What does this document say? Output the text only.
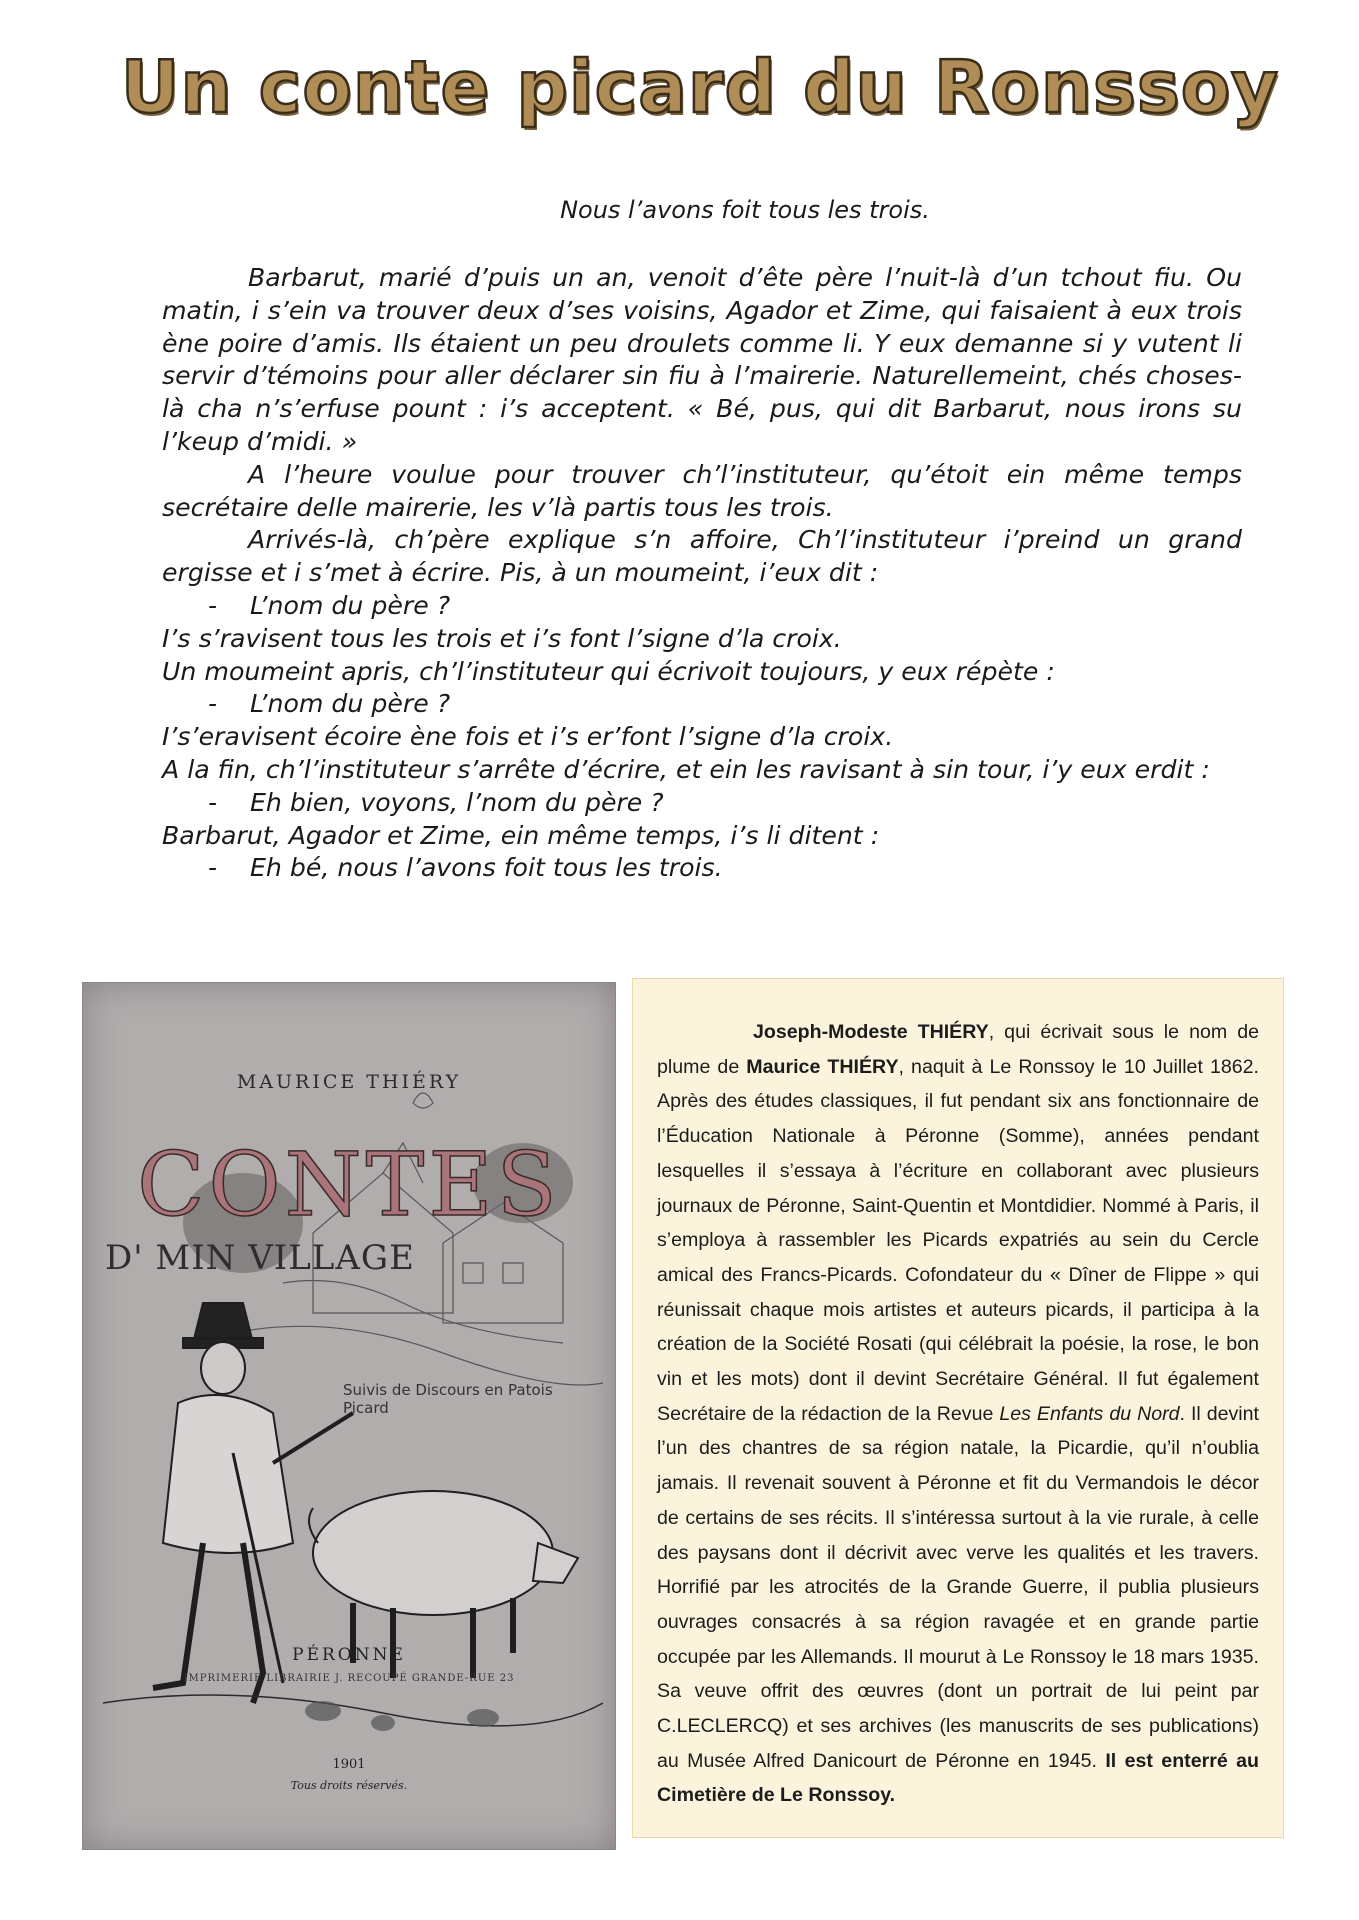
Un conte picard du Ronssoy
Nous l’avons foit tous les trois.

Barbarut, marié d’puis un an, venoit d’ête père l’nuit-là d’un tchout fiu. Ou matin, i s’ein va trouver deux d’ses voisins, Agador et Zime, qui faisaient à eux trois ène poire d’amis. Ils étaient un peu droulets comme li. Y eux demanne si y vutent li servir d’témoins pour aller déclarer sin fiu à l’mairerie. Naturellemeint, chés choses-là cha n’s’erfuse pount : i’s acceptent. « Bé, pus, qui dit Barbarut, nous irons su l’keup d’midi. »

A l’heure voulue pour trouver ch’l’instituteur, qu’étoit ein même temps secrétaire delle mairerie, les v’là partis tous les trois.

Arrivés-là, ch’père explique s’n affoire, Ch’l’instituteur i’preind un grand ergisse et i s’met à écrire. Pis, à un moumeint, i’eux dit :

- L’nom du père ?

I’s s’ravisent tous les trois et i’s font l’signe d’la croix.

Un moumeint apris, ch’l’instituteur qui écrivoit toujours, y eux répète :

- L’nom du père ?

I’s’eravisent écoire ène fois et i’s er’font l’signe d’la croix.

A la fin, ch’l’instituteur s’arrête d’écrire, et ein les ravisant à sin tour, i’y eux erdit :

- Eh bien, voyons, l’nom du père ?

Barbarut, Agador et Zime, ein même temps, i’s li ditent :

- Eh bé, nous l’avons foit tous les trois.

MAURICE THIÉRY
CONTES
D' MIN VILLAGE
Suivis de Discours en Patois Picard
PÉRONNE
IMPRIMERIE LIBRAIRIE J. RECOUPÉ GRANDE-RUE 23
1901
Tous droits réservés.
Joseph-Modeste THIÉRY, qui écrivait sous le nom de plume de Maurice THIÉRY, naquit à Le Ronssoy le 10 Juillet 1862. Après des études classiques, il fut pendant six ans fonctionnaire de l’Éducation Nationale à Péronne (Somme), années pendant lesquelles il s’essaya à l’écriture en collaborant avec plusieurs journaux de Péronne, Saint-Quentin et Montdidier. Nommé à Paris, il s’employa à rassembler les Picards expatriés au sein du Cercle amical des Francs-Picards. Cofondateur du « Dîner de Flippe » qui réunissait chaque mois artistes et auteurs picards, il participa à la création de la Société Rosati (qui célébrait la poésie, la rose, le bon vin et les mots) dont il devint Secrétaire Général. Il fut également Secrétaire de la rédaction de la Revue Les Enfants du Nord. Il devint l’un des chantres de sa région natale, la Picardie, qu’il n’oublia jamais. Il revenait souvent à Péronne et fit du Vermandois le décor de certains de ses récits. Il s’intéressa surtout à la vie rurale, à celle des paysans dont il décrivit avec verve les qualités et les travers. Horrifié par les atrocités de la Grande Guerre, il publia plusieurs ouvrages consacrés à sa région ravagée et en grande partie occupée par les Allemands. Il mourut à Le Ronssoy le 18 mars 1935. Sa veuve offrit des œuvres (dont un portrait de lui peint par C.LECLERCQ) et ses archives (les manuscrits de ses publications) au Musée Alfred Danicourt de Péronne en 1945. Il est enterré au Cimetière de Le Ronssoy.
